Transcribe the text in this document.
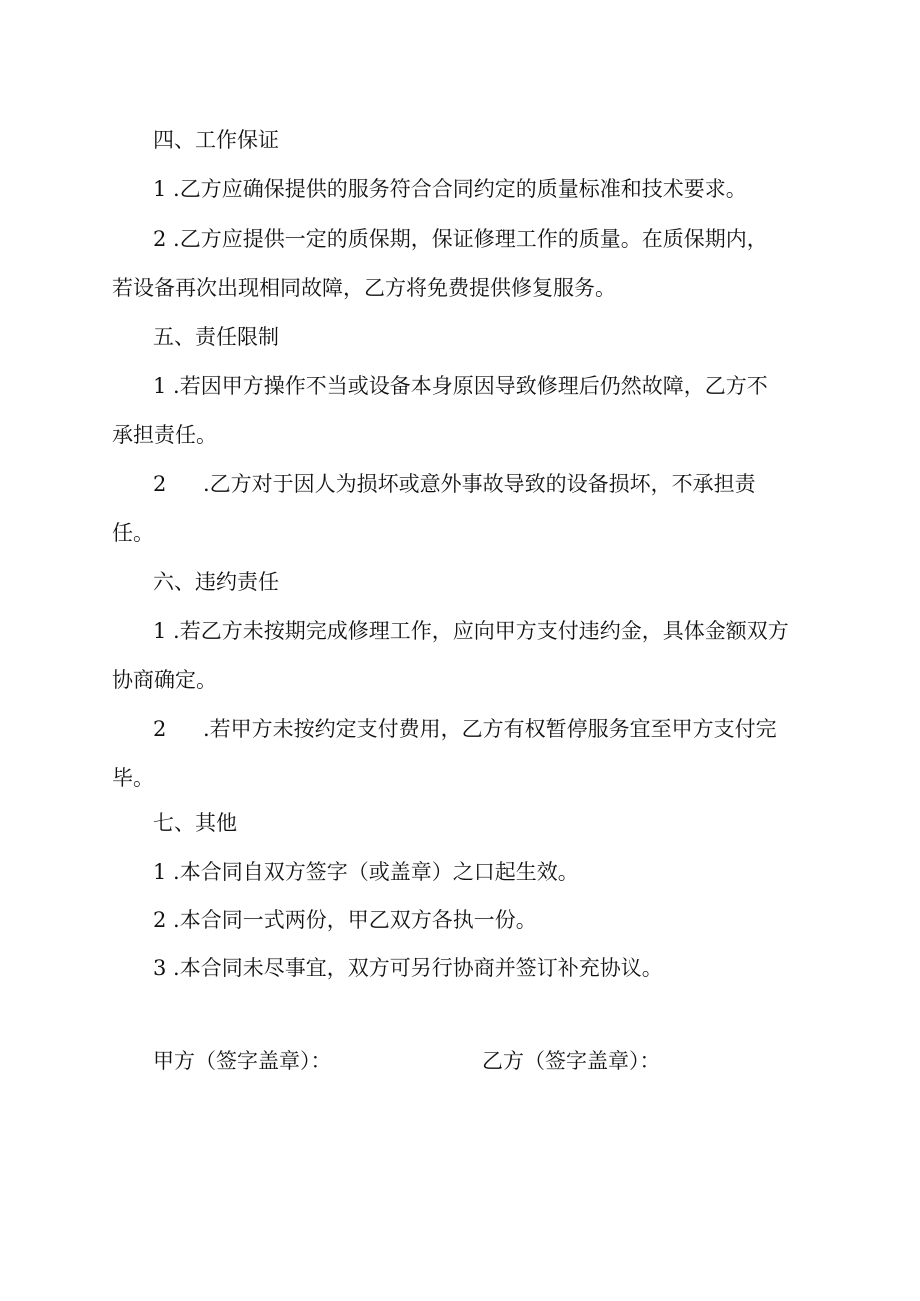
四、工作保证
1 .乙方应确保提供的服务符合合同约定的质量标准和技术要求。
2 .乙方应提供一定的质保期，保证修理工作的质量。在质保期内，
若设备再次出现相同故障，乙方将免费提供修复服务。
五、责任限制
1 .若因甲方操作不当或设备本身原因导致修理后仍然故障，乙方不
承担责任。
2 .乙方对于因人为损坏或意外事故导致的设备损坏，不承担责
任。
六、违约责任
1 .若乙方未按期完成修理工作，应向甲方支付违约金，具体金额双方
协商确定。
2 .若甲方未按约定支付费用，乙方有权暂停服务宜至甲方支付完
毕。
七、其他
1 .本合同自双方签字（或盖章）之口起生效。
2 .本合同一式两份，甲乙双方各执一份。
3 .本合同未尽事宜，双方可另行协商并签订补充协议。
甲方（签字盖章）：	乙方（签字盖章）：
